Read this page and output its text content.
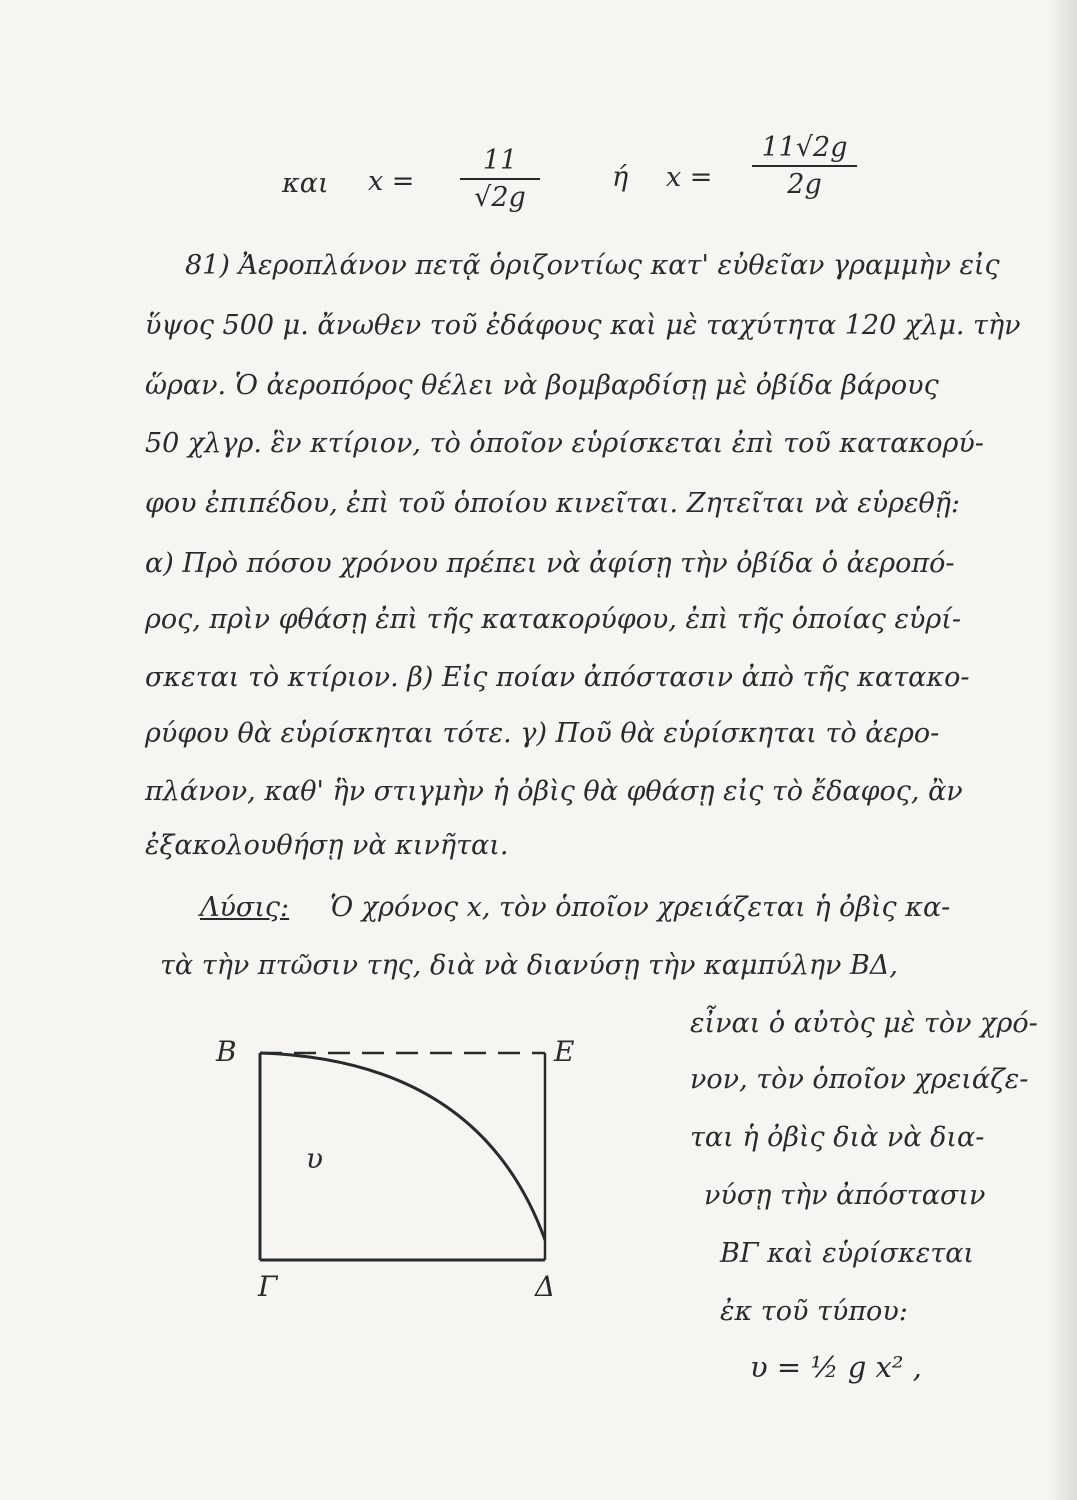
και x =
11
√2g
ή x =
11√2g
2g
81) Ἀεροπλάνον πετᾷ ὁριζοντίως κατ' εὐθεῖαν γραμμὴν εἰς
ὕψος 500 μ. ἄνωθεν τοῦ ἐδάφους καὶ μὲ ταχύτητα 120 χλμ. τὴν
ὥραν. Ὁ ἀεροπόρος θέλει νὰ βομβαρδίσῃ μὲ ὀβίδα βάρους
50 χλγρ. ἓν κτίριον, τὸ ὁποῖον εὑρίσκεται ἐπὶ τοῦ κατακορύ-
φου ἐπιπέδου, ἐπὶ τοῦ ὁποίου κινεῖται. Ζητεῖται νὰ εὑρεθῇ:
α) Πρὸ πόσου χρόνου πρέπει νὰ ἀφίσῃ τὴν ὀβίδα ὁ ἀεροπό-
ρος, πρὶν φθάσῃ ἐπὶ τῆς κατακορύφου, ἐπὶ τῆς ὁποίας εὑρί-
σκεται τὸ κτίριον. β) Εἰς ποίαν ἀπόστασιν ἀπὸ τῆς κατακο-
ρύφου θὰ εὑρίσκηται τότε. γ) Ποῦ θὰ εὑρίσκηται τὸ ἀερο-
πλάνον, καθ' ἣν στιγμὴν ἡ ὀβὶς θὰ φθάσῃ εἰς τὸ ἔδαφος, ἂν
ἐξακολουθήσῃ νὰ κινῆται.
Λύσις: Ὁ χρόνος x, τὸν ὁποῖον χρειάζεται ἡ ὀβὶς κα-
τὰ τὴν πτῶσιν της, διὰ νὰ διανύσῃ τὴν καμπύλην ΒΔ,
εἶναι ὁ αὐτὸς μὲ τὸν χρό-
νον, τὸν ὁποῖον χρειάζε-
ται ἡ ὀβὶς διὰ νὰ δια-
νύσῃ τὴν ἀπόστασιν
ΒΓ καὶ εὑρίσκεται
ἐκ τοῦ τύπου:
υ = ½ g x² ,
Β	Ε
υ
Γ	Δ
